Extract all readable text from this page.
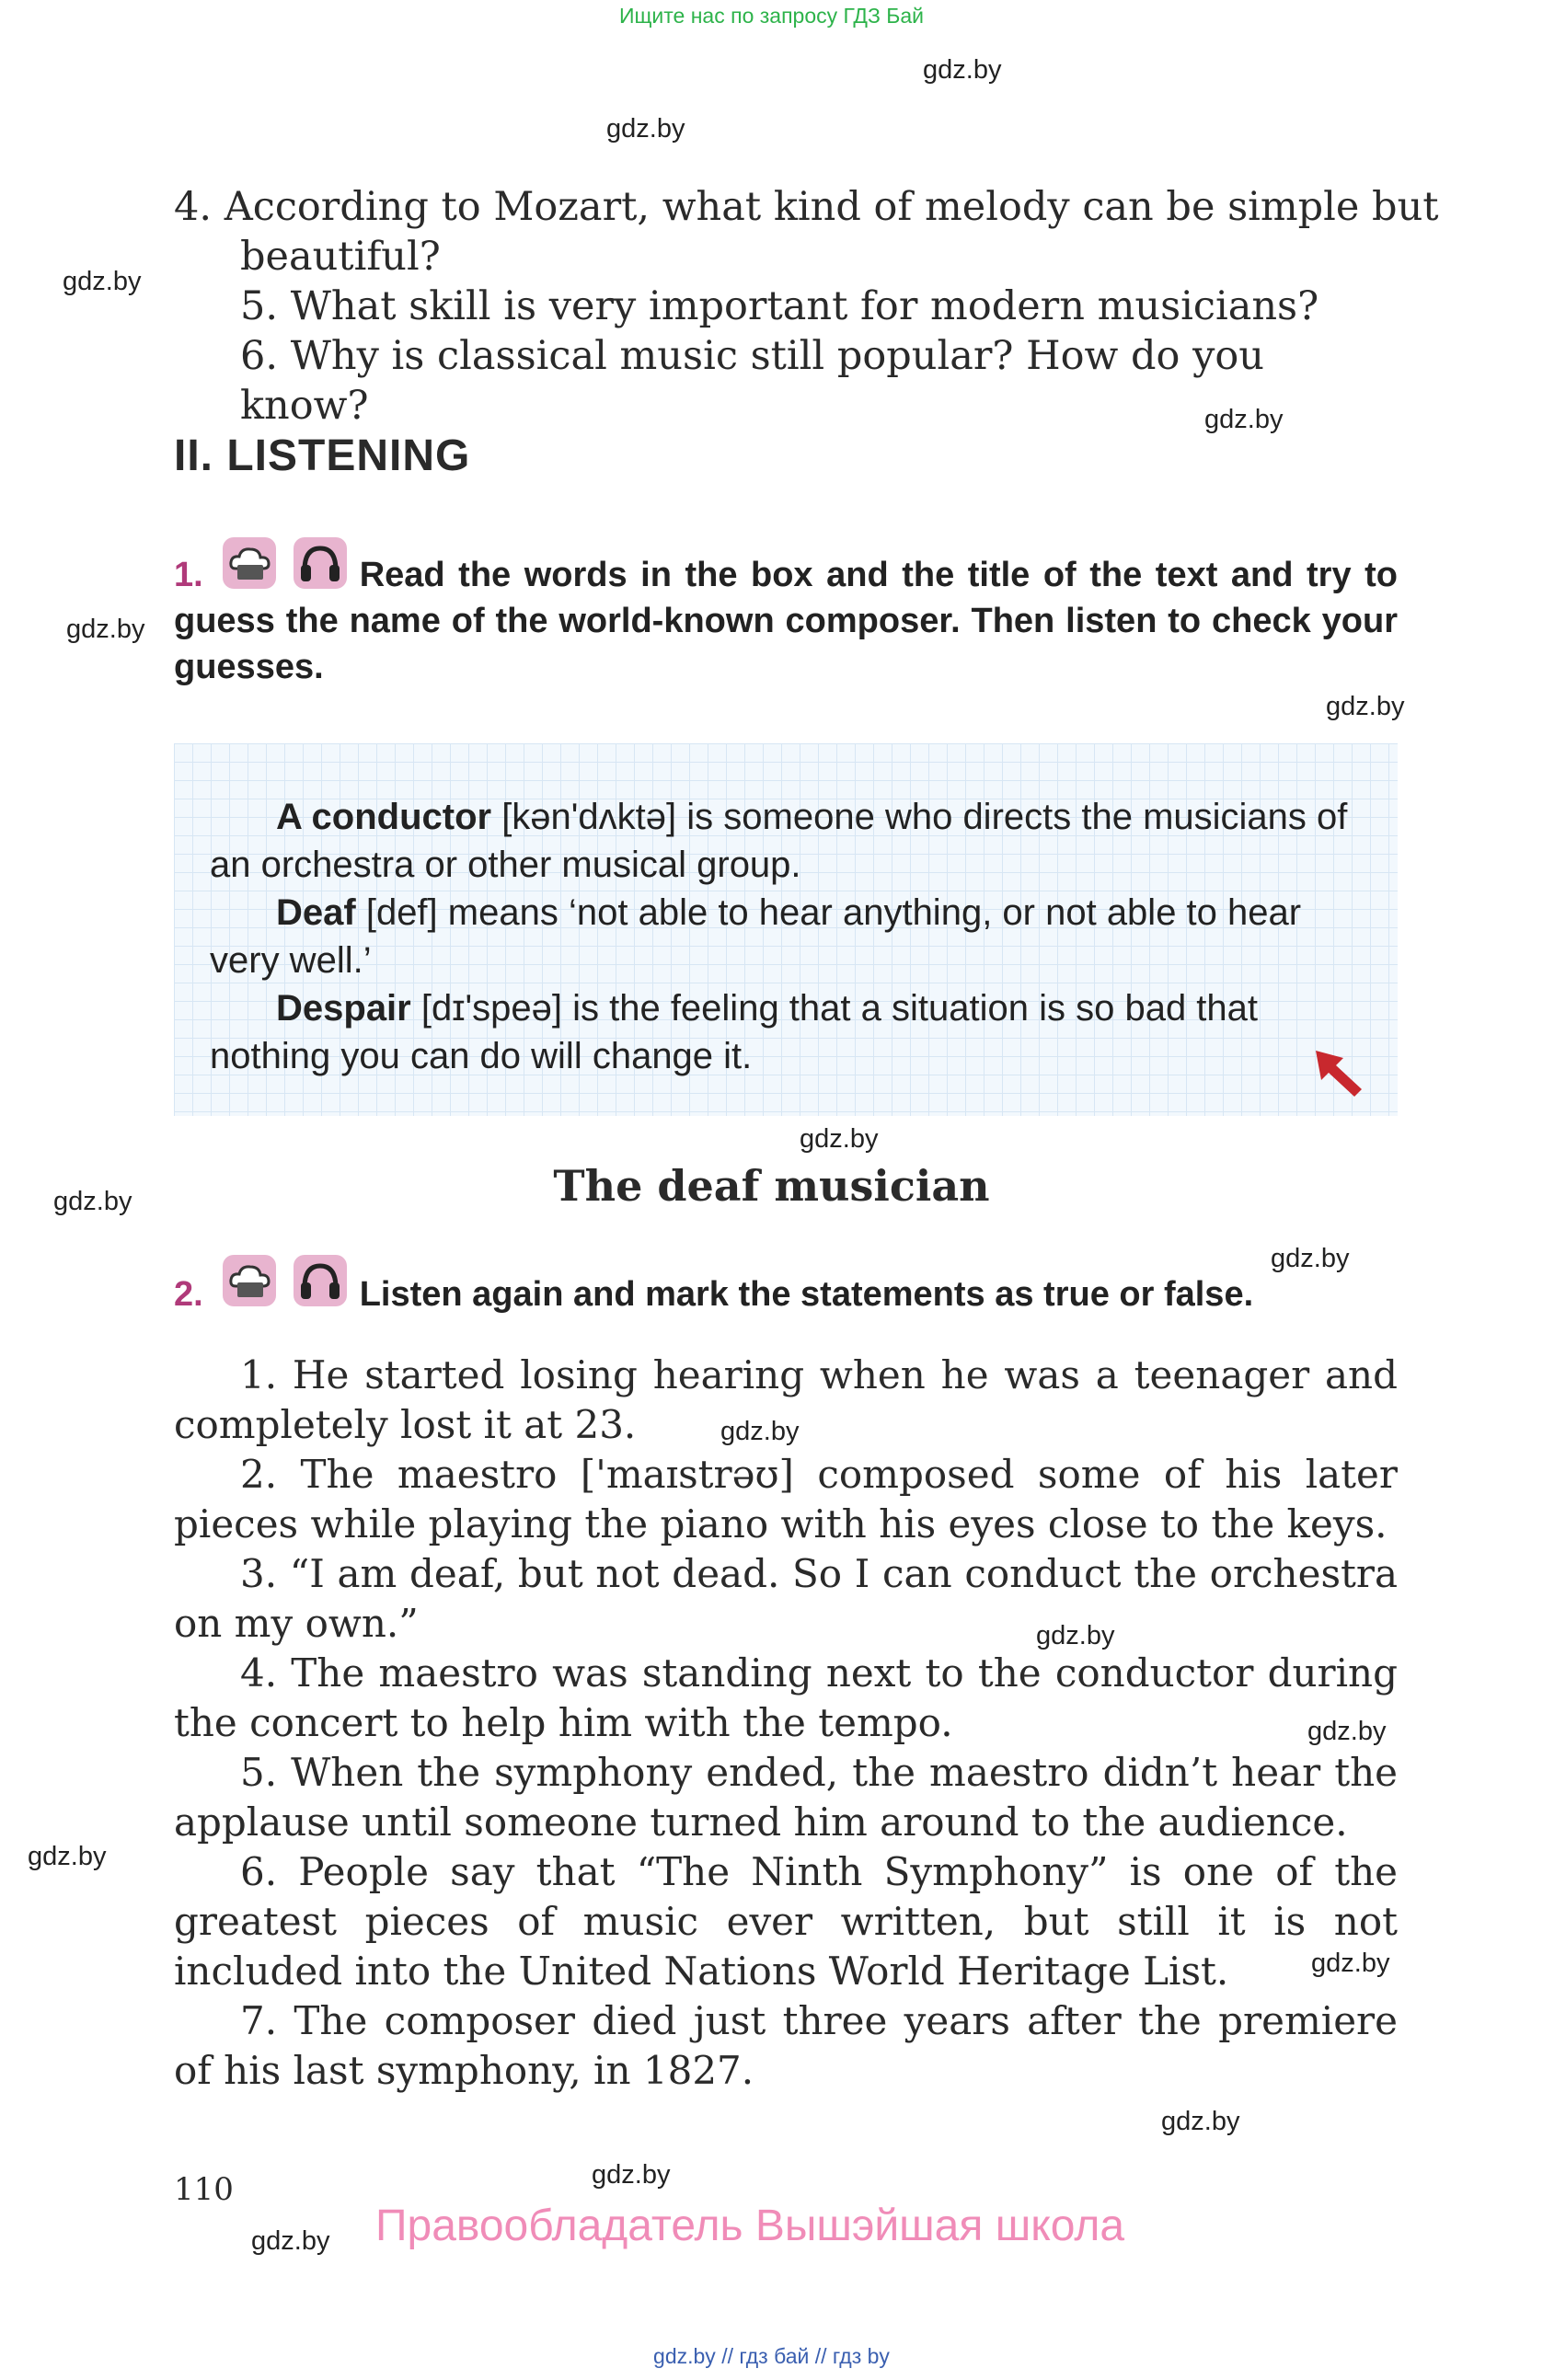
Ищите нас по запросу ГДЗ Бай
gdz.by
gdz.by
gdz.by
gdz.by
gdz.by
gdz.by
gdz.by
gdz.by
gdz.by
gdz.by
gdz.by
gdz.by
gdz.by
gdz.by
gdz.by
gdz.by
gdz.by
4. According to Mozart, what kind of melody can be simple but beautiful?
5. What skill is very important for modern musicians?
6. Why is classical music still popular? How do you know?
II. LISTENING

1.	Read the words in the box and the title of the text and try to guess the name of the world-known composer. Then listen to check your guesses.
A conductor [kən'dʌktə] is someone who directs the musicians of an orchestra or other musical group.
Deaf [def] means ‘not able to hear anything, or not able to hear very well.’
Despair [dɪ'speə] is the feeling that a situation is so bad that nothing you can do will change it.
The deaf musician

2.	Listen again and mark the statements as true or false.
1. He started losing hearing when he was a teenager and completely lost it at 23.
2. The maestro ['maɪstrəʊ] composed some of his later pieces while playing the piano with his eyes close to the keys.
3. “I am deaf, but not dead. So I can conduct the orchestra on my own.”
4. The maestro was standing next to the conductor during the concert to help him with the tempo.
5. When the symphony ended, the maestro didn’t hear the applause until someone turned him around to the audience.
6. People say that “The Ninth Symphony” is one of the greatest pieces of music ever written, but still it is not included into the United Nations World Heritage List.
7. The composer died just three years after the premiere of his last symphony, in 1827.
110
Правообладатель Вышэйшая школа
gdz.by // гдз бай // гдз by
